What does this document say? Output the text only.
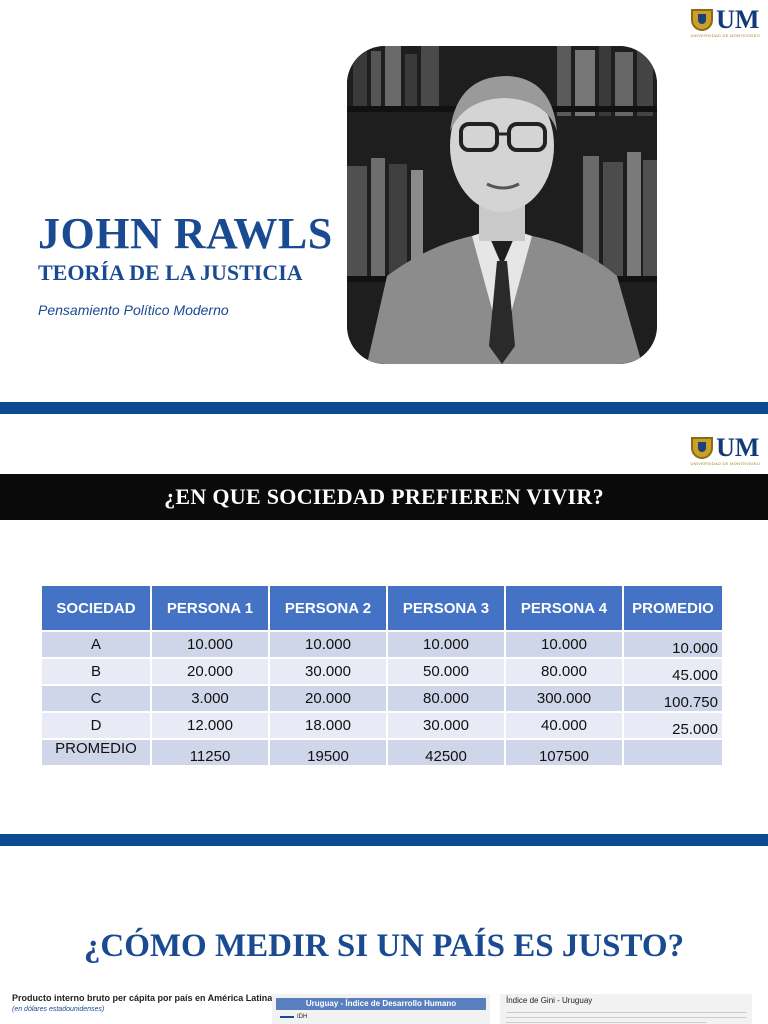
UM
UNIVERSIDAD DE MONTEVIDEO
JOHN RAWLS
TEORÍA DE LA JUSTICIA
Pensamiento Político Moderno
UM
UNIVERSIDAD DE MONTEVIDEO
¿EN QUE SOCIEDAD PREFIEREN VIVIR?
SOCIEDAD	PERSONA 1	PERSONA 2	PERSONA 3	PERSONA 4	PROMEDIO
A	10.000	10.000	10.000	10.000	10.000
B	20.000	30.000	50.000	80.000	45.000
C	3.000	20.000	80.000	300.000	100.750
D	12.000	18.000	30.000	40.000	25.000
PROMEDIO	11250	19500	42500	107500	
¿CÓMO MEDIR SI UN PAÍS ES JUSTO?
Producto interno bruto per cápita por país en América Latina
(en dólares estadounidenses)
Uruguay - Índice de Desarrollo Humano
IDH
Índice de Gini - Uruguay
